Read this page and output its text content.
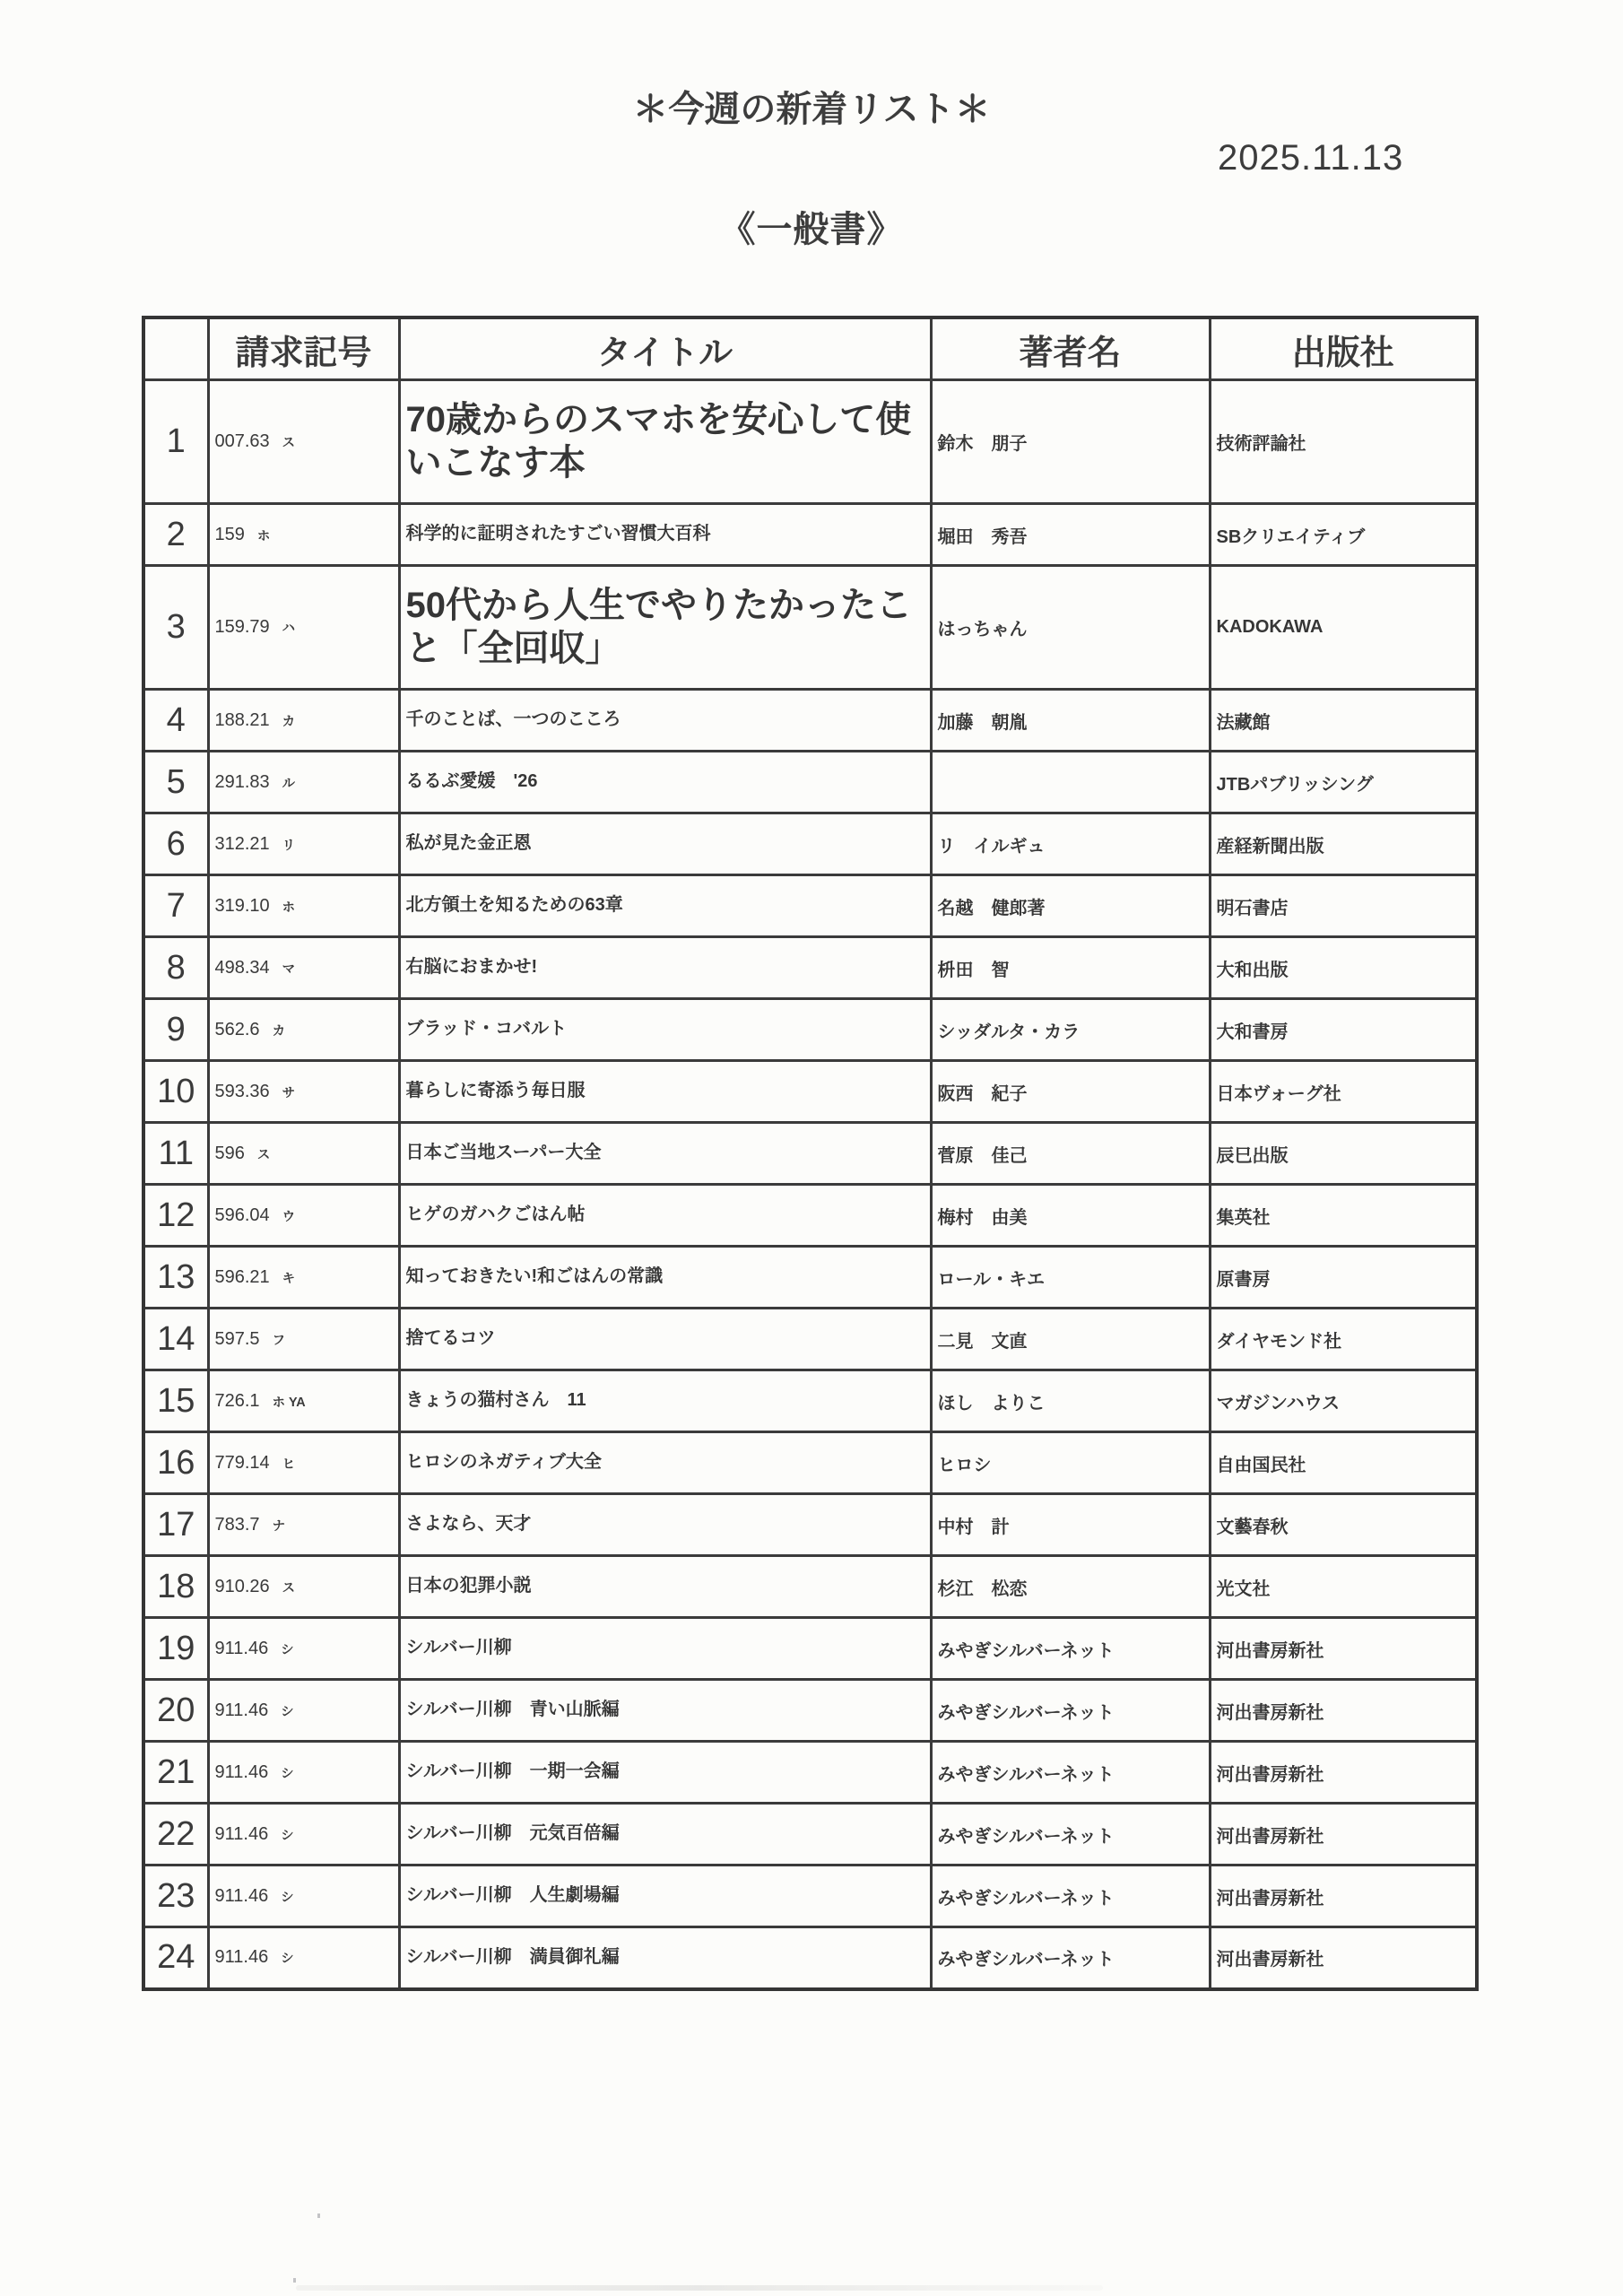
＊今週の新着リスト＊
2025.11.13
《一般書》
	請求記号	タイトル	著者名	出版社
1	007.63 ス	70歳からのスマホを安心して使いこなす本	鈴木　朋子	技術評論社

2	159 ホ	科学的に証明されたすごい習慣大百科	堀田　秀吾	SBクリエイティブ

3	159.79 ハ	50代から人生でやりたかったこと「全回収」	はっちゃん	KADOKAWA

4	188.21 カ	千のことば、一つのこころ	加藤　朝胤	法藏館

5	291.83 ル	るるぶ愛媛　'26		JTBパブリッシング

6	312.21 リ	私が見た金正恩	リ　イルギュ	産経新聞出版

7	319.10 ホ	北方領土を知るための63章	名越　健郎著	明石書店

8	498.34 マ	右脳におまかせ!	枡田　智	大和出版

9	562.6 カ	ブラッド・コバルト	シッダルタ・カラ	大和書房

10	593.36 サ	暮らしに寄添う毎日服	阪西　紀子	日本ヴォーグ社

11	596 ス	日本ご当地スーパー大全	菅原　佳己	辰巳出版

12	596.04 ウ	ヒゲのガハクごはん帖	梅村　由美	集英社

13	596.21 キ	知っておきたい!和ごはんの常識	ロール・キエ	原書房

14	597.5 フ	捨てるコツ	二見　文直	ダイヤモンド社

15	726.1 ホ YA	きょうの猫村さん　11	ほし　よりこ	マガジンハウス

16	779.14 ヒ	ヒロシのネガティブ大全	ヒロシ	自由国民社

17	783.7 ナ	さよなら、天才	中村　計	文藝春秋

18	910.26 ス	日本の犯罪小説	杉江　松恋	光文社

19	911.46 シ	シルバー川柳	みやぎシルバーネット	河出書房新社

20	911.46 シ	シルバー川柳　青い山脈編	みやぎシルバーネット	河出書房新社

21	911.46 シ	シルバー川柳　一期一会編	みやぎシルバーネット	河出書房新社

22	911.46 シ	シルバー川柳　元気百倍編	みやぎシルバーネット	河出書房新社

23	911.46 シ	シルバー川柳　人生劇場編	みやぎシルバーネット	河出書房新社

24	911.46 シ	シルバー川柳　満員御礼編	みやぎシルバーネット	河出書房新社
